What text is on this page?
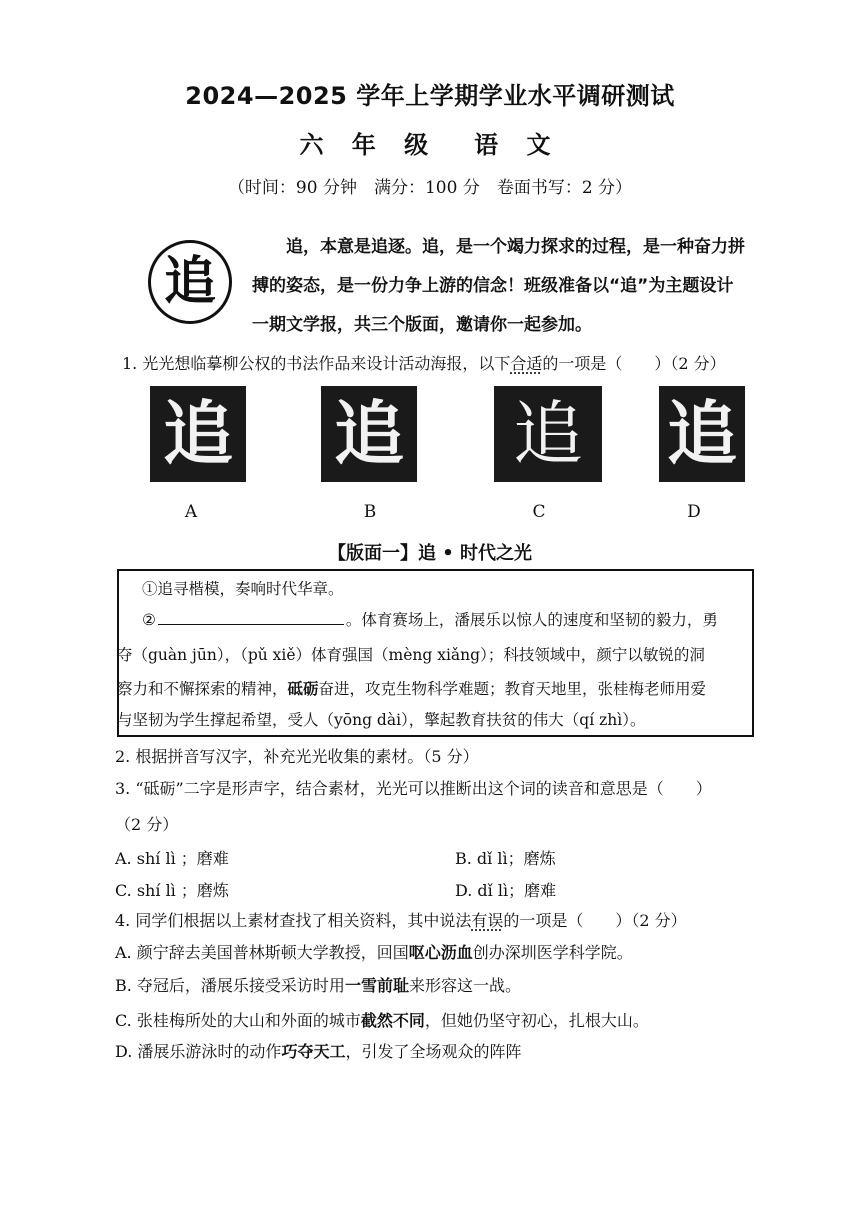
2024—2025 学年上学期学业水平调研测试
六 年 级 语 文
（时间：90 分钟　满分：100 分　卷面书写：2 分）
追
追，本意是追逐。追，是一个竭力探求的过程，是一种奋力拼
搏的姿态，是一份力争上游的信念！班级准备以“追”为主题设计
一期文学报，共三个版面，邀请你一起参加。
1. 光光想临摹柳公权的书法作品来设计活动海报，以下合适的一项是（　　）（2 分）
追 追 追 追
A	B	C	D
【版面一】追 • 时代之光
①追寻楷模，奏响时代华章。
②	。体育赛场上，潘展乐以惊人的速度和坚韧的毅力，勇
夺（guàn jūn），（pǔ xiě）体育强国（mèng xiǎng）；科技领域中，颜宁以敏锐的洞
察力和不懈探索的精神，砥砺奋进，攻克生物科学难题；教育天地里，张桂梅老师用爱
与坚韧为学生撑起希望，受人（yōng dài），擎起教育扶贫的伟大（qí zhì）。
2. 根据拼音写汉字，补充光光收集的素材。（5 分）
3. “砥砺”二字是形声字，结合素材，光光可以推断出这个词的读音和意思是（　　）
（2 分）
A. shí lì ；磨难	B. dǐ lì；磨炼
C. shí lì ；磨炼	D. dǐ lì；磨难
4. 同学们根据以上素材查找了相关资料，其中说法有误的一项是（　　）（2 分）
A. 颜宁辞去美国普林斯顿大学教授，回国呕心沥血创办深圳医学科学院。
B. 夺冠后，潘展乐接受采访时用一雪前耻来形容这一战。
C. 张桂梅所处的大山和外面的城市截然不同，但她仍坚守初心，扎根大山。
D. 潘展乐游泳时的动作巧夺天工，引发了全场观众的阵阵
